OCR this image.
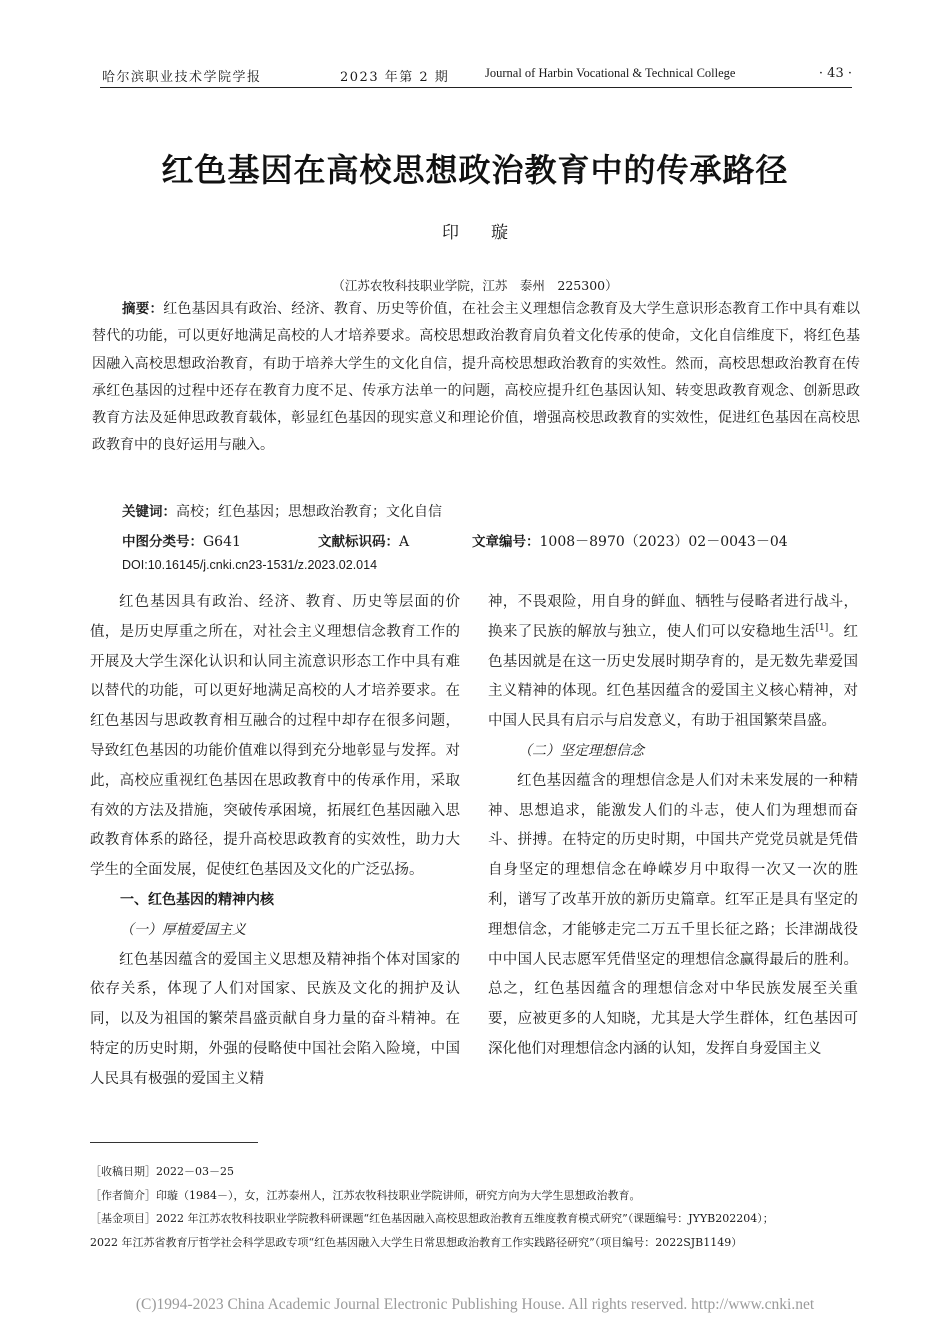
哈尔滨职业技术学院学报	2023 年第 2 期	Journal of Harbin Vocational & Technical College	· 43 ·
红色基因在高校思想政治教育中的传承路径
印璇
（江苏农牧科技职业学院，江苏　泰州　225300）
摘要：红色基因具有政治、经济、教育、历史等价值，在社会主义理想信念教育及大学生意识形态教育工作中具有难以替代的功能，可以更好地满足高校的人才培养要求。高校思想政治教育肩负着文化传承的使命，文化自信维度下，将红色基因融入高校思想政治教育，有助于培养大学生的文化自信，提升高校思想政治教育的实效性。然而，高校思想政治教育在传承红色基因的过程中还存在教育力度不足、传承方法单一的问题，高校应提升红色基因认知、转变思政教育观念、创新思政教育方法及延伸思政教育载体，彰显红色基因的现实意义和理论价值，增强高校思政教育的实效性，促进红色基因在高校思政教育中的良好运用与融入。
关键词：高校；红色基因；思想政治教育；文化自信
中图分类号：G641	文献标识码：A	文章编号：1008－8970（2023）02－0043－04
DOI:10.16145/j.cnki.cn23-1531/z.2023.02.014

红色基因具有政治、经济、教育、历史等层面的价值，是历史厚重之所在，对社会主义理想信念教育工作的开展及大学生深化认识和认同主流意识形态工作中具有难以替代的功能，可以更好地满足高校的人才培养要求。在红色基因与思政教育相互融合的过程中却存在很多问题，导致红色基因的功能价值难以得到充分地彰显与发挥。对此，高校应重视红色基因在思政教育中的传承作用，采取有效的方法及措施，突破传承困境，拓展红色基因融入思政教育体系的路径，提升高校思政教育的实效性，助力大学生的全面发展，促使红色基因及文化的广泛弘扬。

一、红色基因的精神内核
（一）厚植爱国主义

红色基因蕴含的爱国主义思想及精神指个体对国家的依存关系，体现了人们对国家、民族及文化的拥护及认同，以及为祖国的繁荣昌盛贡献自身力量的奋斗精神。在特定的历史时期，外强的侵略使中国社会陷入险境，中国人民具有极强的爱国主义精

神，不畏艰险，用自身的鲜血、牺牲与侵略者进行战斗，换来了民族的解放与独立，使人们可以安稳地生活[1]。红色基因就是在这一历史发展时期孕育的，是无数先辈爱国主义精神的体现。红色基因蕴含的爱国主义核心精神，对中国人民具有启示与启发意义，有助于祖国繁荣昌盛。

（二）坚定理想信念

红色基因蕴含的理想信念是人们对未来发展的一种精神、思想追求，能激发人们的斗志，使人们为理想而奋斗、拼搏。在特定的历史时期，中国共产党党员就是凭借自身坚定的理想信念在峥嵘岁月中取得一次又一次的胜利，谱写了改革开放的新历史篇章。红军正是具有坚定的理想信念，才能够走完二万五千里长征之路；长津湖战役中中国人民志愿军凭借坚定的理想信念赢得最后的胜利。总之，红色基因蕴含的理想信念对中华民族发展至关重要，应被更多的人知晓，尤其是大学生群体，红色基因可深化他们对理想信念内涵的认知，发挥自身爱国主义

［收稿日期］2022－03－25
［作者简介］印璇（1984－），女，江苏泰州人，江苏农牧科技职业学院讲师，研究方向为大学生思想政治教育。
［基金项目］2022 年江苏农牧科技职业学院教科研课题“红色基因融入高校思想政治教育五维度教育模式研究”（课题编号：JYYB202204）；
2022 年江苏省教育厅哲学社会科学思政专项“红色基因融入大学生日常思想政治教育工作实践路径研究”（项目编号：2022SJB1149）
(C)1994-2023 China Academic Journal Electronic Publishing House. All rights reserved. http://www.cnki.net
